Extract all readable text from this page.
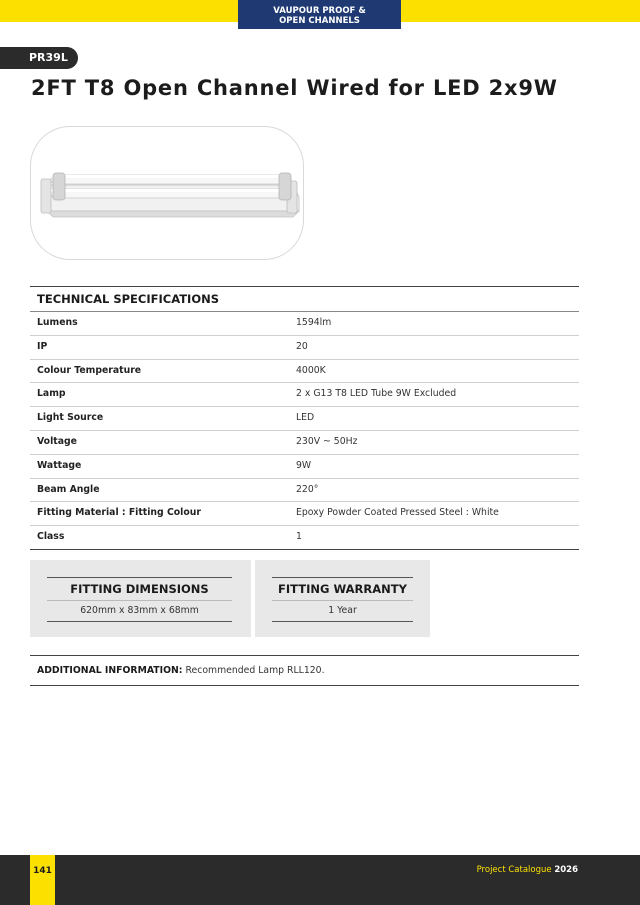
VAUPOUR PROOF & OPEN CHANNELS
PR39L
2FT T8 Open Channel Wired for LED 2x9W
TECHNICAL SPECIFICATIONS
Lumens	1594lm
IP	20
Colour Temperature	4000K
Lamp	2 x G13 T8 LED Tube 9W Excluded
Light Source	LED
Voltage	230V ~ 50Hz
Wattage	9W
Beam Angle	220°
Fitting Material : Fitting Colour	Epoxy Powder Coated Pressed Steel : White
Class	1
FITTING DIMENSIONS
620mm x 83mm x 68mm
FITTING WARRANTY
1 Year
ADDITIONAL INFORMATION: Recommended Lamp RLL120.
141	Project Catalogue 2026
